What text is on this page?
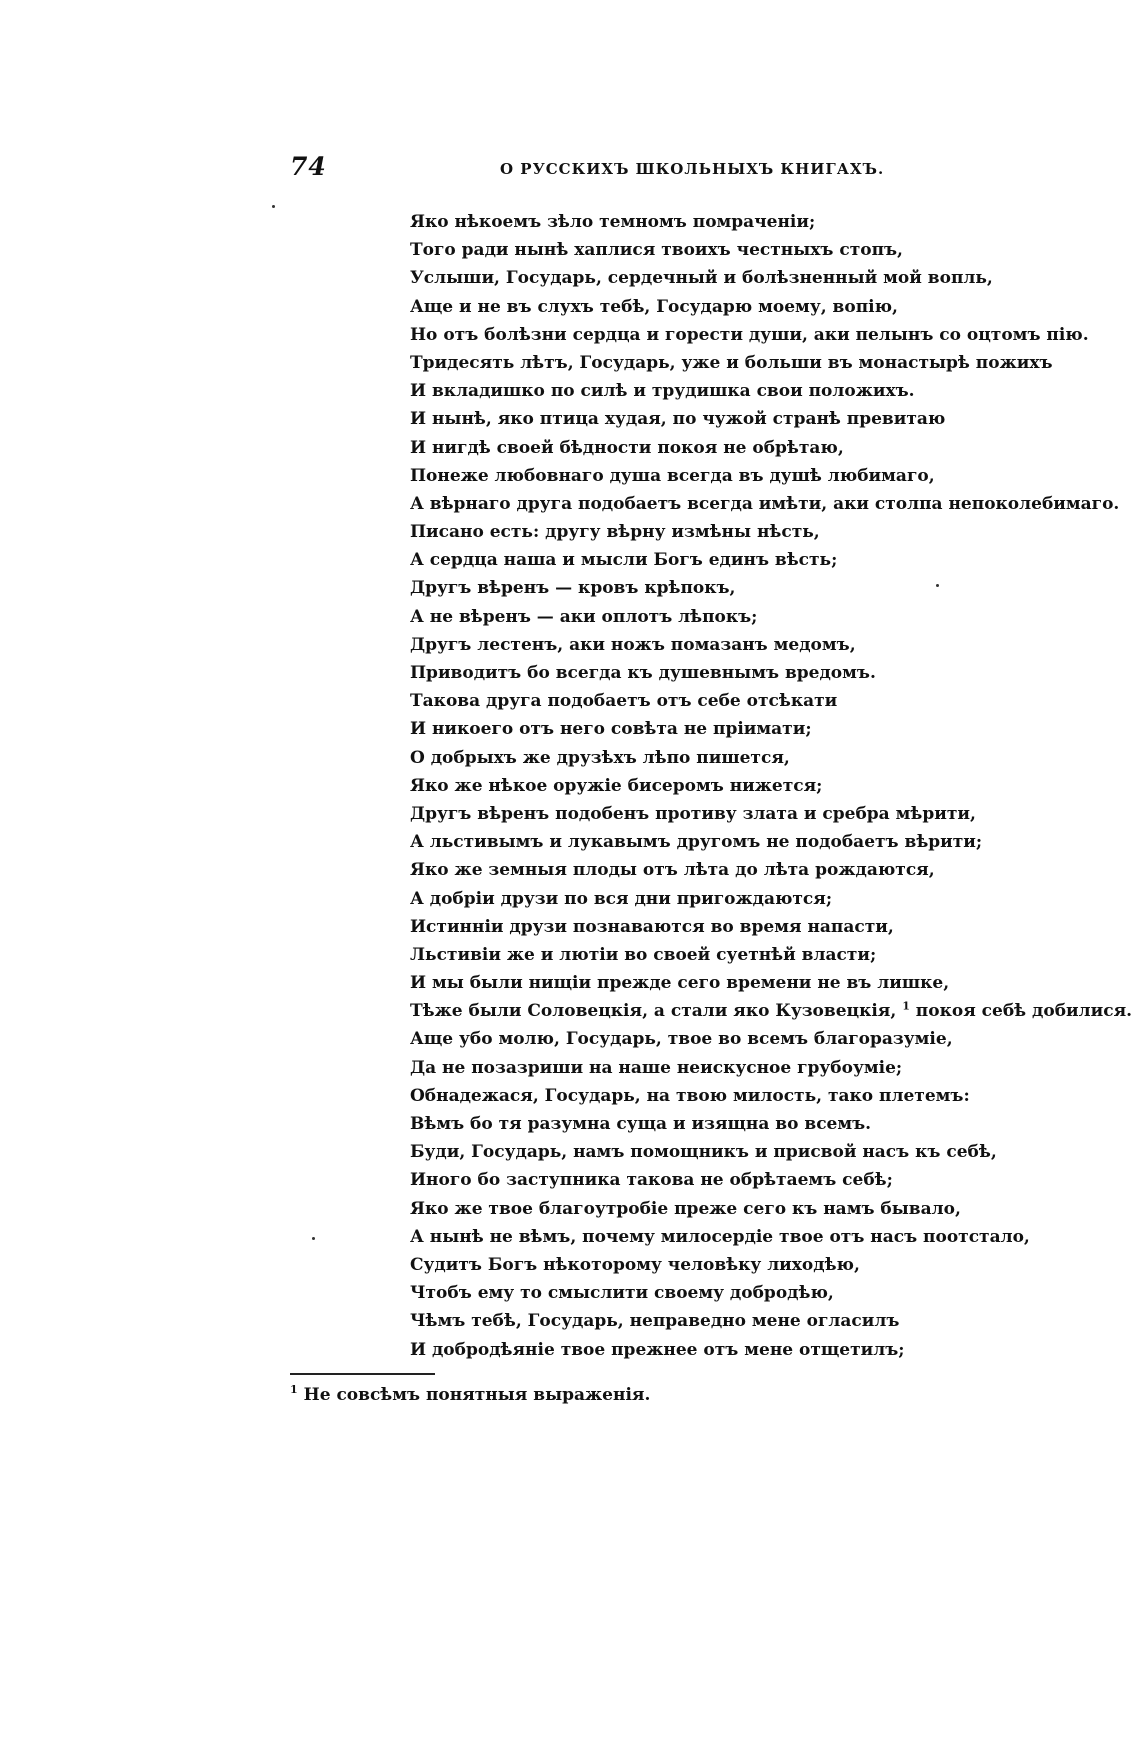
74	О РУССКИХЪ ШКОЛЬНЫХЪ КНИГАХЪ.
Яко нѣкоемъ зѣло темномъ помраченіи;
Того ради нынѣ хаплися твоихъ честныхъ стопъ,
Услыши, Государь, сердечный и болѣзненный мой вопль,
Аще и не въ слухъ тебѣ, Государю моему, вопію,
Но отъ болѣзни сердца и горести души, аки пелынъ со оцтомъ пію.
Тридесять лѣтъ, Государь, уже и больши въ монастырѣ пожихъ
И вкладишко по силѣ и трудишка свои положихъ.
И нынѣ, яко птица худая, по чужой странѣ превитаю
И нигдѣ своей бѣдности покоя не обрѣтаю,
Понеже любовнаго душа всегда въ душѣ любимаго,
А вѣрнаго друга подобаетъ всегда имѣти, аки столпа непоколебимаго.
Писано есть: другу вѣрну измѣны нѣсть,
А сердца наша и мысли Богъ единъ вѣсть;
Другъ вѣренъ — кровъ крѣпокъ,
А не вѣренъ — аки оплотъ лѣпокъ;
Другъ лестенъ, аки ножъ помазанъ медомъ,
Приводитъ бо всегда къ душевнымъ вредомъ.
Такова друга подобаетъ отъ себе отсѣкати
И никоего отъ него совѣта не пріимати;
О добрыхъ же друзѣхъ лѣпо пишется,
Яко же нѣкое оружіе бисеромъ нижется;
Другъ вѣренъ подобенъ противу злата и сребра мѣрити,
А льстивымъ и лукавымъ другомъ не подобаетъ вѣрити;
Яко же земныя плоды отъ лѣта до лѣта рождаются,
А добріи друзи по вся дни пригождаются;
Истинніи друзи познаваются во время напасти,
Льстивіи же и лютіи во своей суетнѣй власти;
И мы были нищіи прежде сего времени не въ лишке,
Тѣже были Соловецкія, а стали яко Кузовецкія, $^1$ покоя себѣ добилися.
Аще убо молю, Государь, твое во всемъ благоразуміе,
Да не позазриши на наше неискусное грубоуміе;
Обнадежася, Государь, на твою милость, тако плетемъ:
Вѣмъ бо тя разумна суща и изящна во всемъ.
Буди, Государь, намъ помощникъ и присвой насъ къ себѣ,
Иного бо заступника такова не обрѣтаемъ себѣ;
Яко же твое благоутробіе преже сего къ намъ бывало,
А нынѣ не вѣмъ, почему милосердіе твое отъ насъ поотстало,
Судитъ Богъ нѣкоторому человѣку лиходѣю,
Чтобъ ему то смыслити своему добродѣю,
Чѣмъ тебѣ, Государь, неправедно мене огласилъ
И добродѣяніе твое прежнее отъ мене отщетилъ;
$^1$ Не совсѣмъ понятныя выраженія.
